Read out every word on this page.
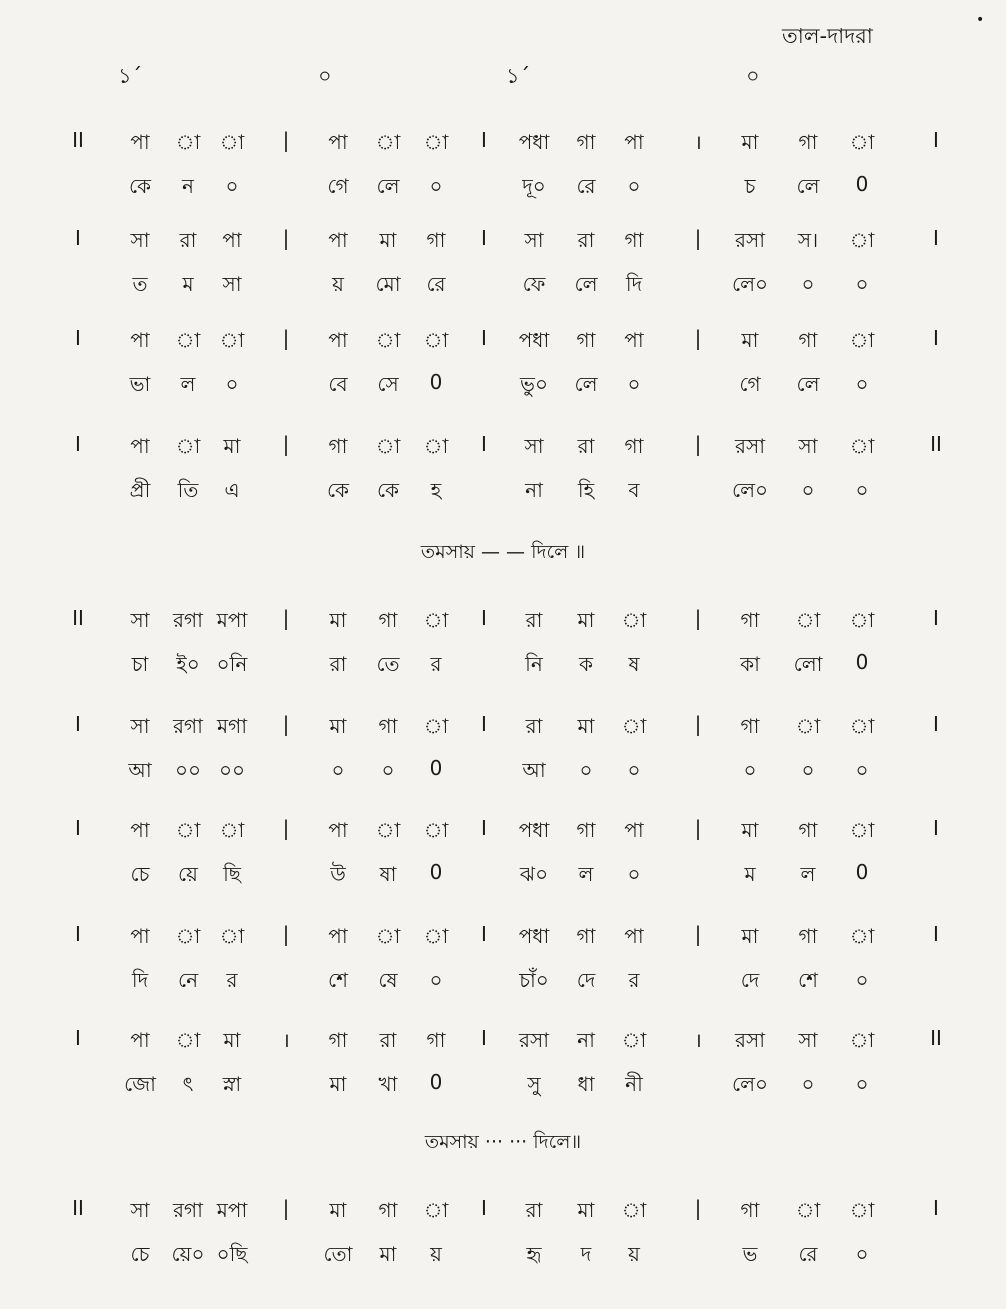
তাল-দাদরা
•
১´	০	১´	০
II পা া া | পা া া I পধা গা পা	। মা গা া	I
কে ন ০	গে লে ০	দূ০ রে ০	চ লে 0
I সা রা পা | পা মা গা I সা রা গা	| রসা স। া	I
ত ম সা	য় মো রে	ফে লে দি	লে০ ০ ০
I পা া া | পা া া I পধা গা পা	| মা গা া	I
ভা ল ০	বে সে 0	ভু০ লে ০	গে লে ০
I পা া মা | গা া া I সা রা গা	| রসা সা া	II
প্রী তি এ	কে কে হ	না হি ব	লে০ ০ ০
II সা রগা মপা | মা গা া I রা মা া | গা া া	I
চা ই০ ০নি	রা তে র	নি ক ষ	কা লো 0
I সা রগা মগা | মা গা া I রা মা া | গা া া	I
আ ০০ ০০	০ ০ 0	আ ০ ০	০ ০ ০
I পা া া | পা া া I পধা গা পা	| মা গা া	I
চে য়ে ছি	উ ষা 0	ঝ০ ল ০	ম ল 0
I পা া া | পা া া I পধা গা পা	| মা গা া	I
দি নে র	শে ষে ০	চাঁ০ দে র	দে শে ০
I পা া মা । গা রা গা I রসা না া । রসা সা া	II
জো ৎ স্না	মা খা 0	সু ধা নী	লে০ ০ ০
II সা রগা মপা | মা গা া I রা মা া | গা া া	I
চে য়ে০ ০ছি	তো মা য়	হৃ দ য়	ভ রে ০
তমসায় — — দিলে ॥
তমসায় ··· ··· দিলে॥
